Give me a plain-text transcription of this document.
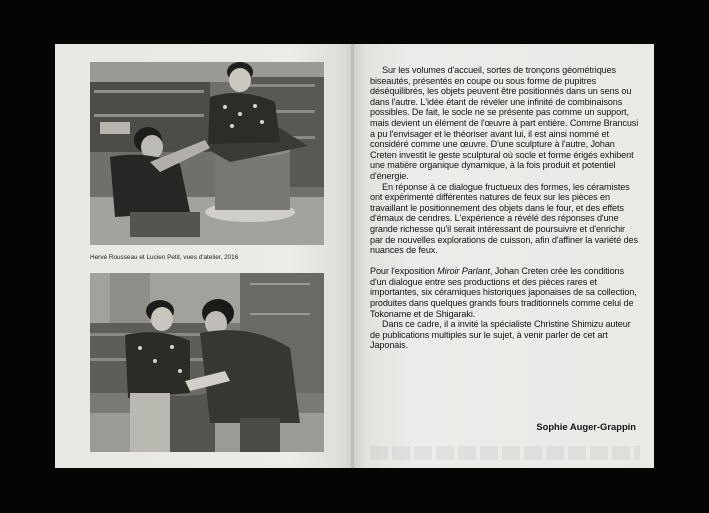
Hervé Rousseau et Lucien Petit, vues d'atelier, 2016

Sur les volumes d'accueil, sortes de tronçons géométriques biseautés, présentés en coupe ou sous forme de pupitres déséquilibrés, les objets peuvent être positionnés dans un sens ou dans l'autre. L'idée étant de révéler une infinité de combinaisons possibles. De fait, le socle ne se présente pas comme un support, mais devient un élément de l'œuvre à part entière. Comme Brancusi a pu l'envisager et le théoriser avant lui, il est ainsi nommé et considéré comme une œuvre. D'une sculpture à l'autre, Johan Creten investit le geste sculptural où socle et forme érigés exhibent une matière organique dynamique, à la fois produit et potentiel d'énergie.

En réponse à ce dialogue fructueux des formes, les céramistes ont expérimenté différentes natures de feux sur les pièces en travaillant le positionnement des objets dans le four, et des effets d'émaux de cendres. L'expérience a révélé des réponses d'une grande richesse qu'il serait intéressant de poursuivre et d'enrichir par de nouvelles explorations de cuisson, afin d'affiner la variété des nuances de feux.

Pour l'exposition Miroir Parlant, Johan Creten crée les conditions d'un dialogue entre ses productions et des pièces rares et importantes, six céramiques historiques japonaises de sa collection, produites dans quelques grands fours traditionnels comme celui de Tokoname et de Shigaraki.

Dans ce cadre, il a invité la spécialiste Christine Shimizu auteur de publications multiples sur le sujet, à venir parler de cet art Japonais.

Sophie Auger-Grappin
